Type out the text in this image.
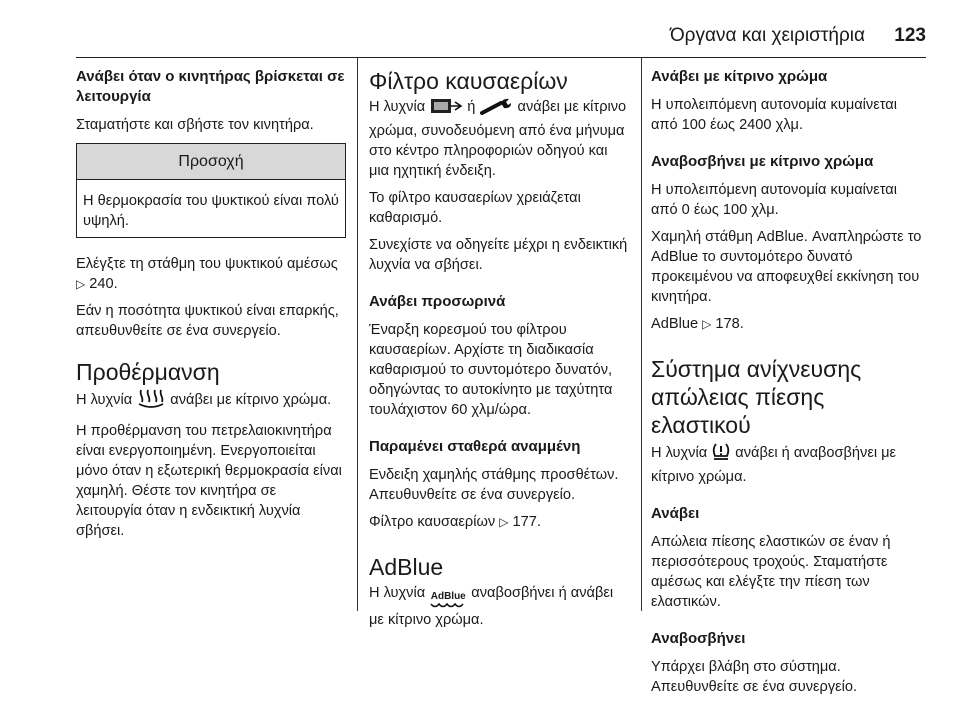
Όργανα και χειριστήρια 123
Ανάβει όταν ο κινητήρας βρίσκεται σε λειτουργία

Σταματήστε και σβήστε τον κινητήρα.

Προσοχή
Η θερμοκρασία του ψυκτικού είναι πολύ υψηλή.

Ελέγξτε τη στάθμη του ψυκτικού αμέσως ▷ 240.

Εάν η ποσότητα ψυκτικού είναι επαρκής, απευθυνθείτε σε ένα συνεργείο.

Προθέρμανση

Η λυχνία	ανάβει με κίτρινο χρώμα.

Η προθέρμανση του πετρελαιοκινητήρα είναι ενεργοποιημένη. Ενεργοποιείται μόνο όταν η εξωτερική θερμοκρασία είναι χαμηλή. Θέστε τον κινητήρα σε λειτουργία όταν η ενδεικτική λυχνία σβήσει.

Φίλτρο καυσαερίων

Η λυχνία	ή	ανάβει με κίτρινο χρώμα, συνοδευόμενη από ένα μήνυμα στο κέντρο πληροφοριών οδηγού και μια ηχητική ένδειξη.

Το φίλτρο καυσαερίων χρειάζεται καθαρισμό.

Συνεχίστε να οδηγείτε μέχρι η ενδεικτική λυχνία να σβήσει.

Ανάβει προσωρινά

Έναρξη κορεσμού του φίλτρου καυσαερίων. Αρχίστε τη διαδικασία καθαρισμού το συντομότερο δυνατόν, οδηγώντας το αυτοκίνητο με ταχύτητα τουλάχιστον 60 χλμ/ώρα.

Παραμένει σταθερά αναμμένη

Ενδειξη χαμηλής στάθμης προσθέτων. Απευθυνθείτε σε ένα συνεργείο.

Φίλτρο καυσαερίων ▷ 177.

AdBlue

Η λυχνία AdBlue αναβοσβήνει ή ανάβει με κίτρινο χρώμα.

Ανάβει με κίτρινο χρώμα

Η υπολειπόμενη αυτονομία κυμαίνεται από 100 έως 2400 χλμ.

Αναβοσβήνει με κίτρινο χρώμα

Η υπολειπόμενη αυτονομία κυμαίνεται από 0 έως 100 χλμ.

Χαμηλή στάθμη AdBlue. Αναπληρώστε το AdBlue το συντομότερο δυνατό προκειμένου να αποφευχθεί εκκίνηση του κινητήρα.

AdBlue ▷ 178.

Σύστημα ανίχνευσης απώλειας πίεσης ελαστικού

Η λυχνία ανάβει ή αναβοσβήνει με κίτρινο χρώμα.

Ανάβει

Απώλεια πίεσης ελαστικών σε έναν ή περισσότερους τροχούς. Σταματήστε αμέσως και ελέγξτε την πίεση των ελαστικών.

Αναβοσβήνει

Υπάρχει βλάβη στο σύστημα. Απευθυνθείτε σε ένα συνεργείο.
